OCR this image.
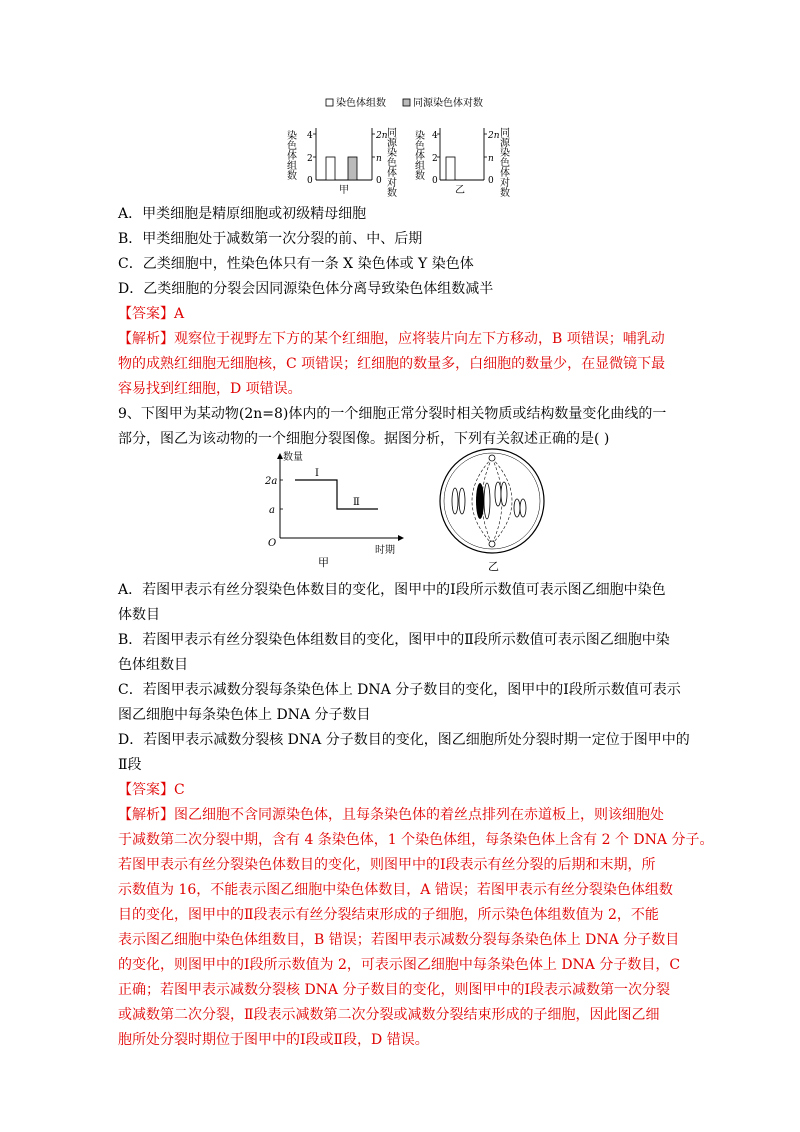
染色体组数	同源染色体对数
染色体组数 4
2
0
2n
n
0 同源染色体对数
甲
染色体组数 4
2
0
2n
n
0 同源染色体对数
乙
A．甲类细胞是精原细胞或初级精母细胞
B．甲类细胞处于减数第一次分裂的前、中、后期
C．乙类细胞中，性染色体只有一条 X 染色体或 Y 染色体
D．乙类细胞的分裂会因同源染色体分离导致染色体组数减半
【答案】A
【解析】观察位于视野左下方的某个红细胞，应将装片向左下方移动，B 项错误；哺乳动
物的成熟红细胞无细胞核，C 项错误；红细胞的数量多，白细胞的数量少，在显微镜下最
容易找到红细胞，D 项错误。
9、下图甲为某动物(2n=8)体内的一个细胞正常分裂时相关物质或结构数量变化曲线的一
部分，图乙为该动物的一个细胞分裂图像。据图分析，下列有关叙述正确的是( )
数量
时期
2a
a
O
Ⅰ
Ⅱ
甲	乙
A．若图甲表示有丝分裂染色体数目的变化，图甲中的Ⅰ段所示数值可表示图乙细胞中染色
体数目
B．若图甲表示有丝分裂染色体组数目的变化，图甲中的Ⅱ段所示数值可表示图乙细胞中染
色体组数目
C．若图甲表示减数分裂每条染色体上 DNA 分子数目的变化，图甲中的Ⅰ段所示数值可表示
图乙细胞中每条染色体上 DNA 分子数目
D．若图甲表示减数分裂核 DNA 分子数目的变化，图乙细胞所处分裂时期一定位于图甲中的
Ⅱ段
【答案】C
【解析】图乙细胞不含同源染色体，且每条染色体的着丝点排列在赤道板上，则该细胞处
于减数第二次分裂中期，含有 4 条染色体，1 个染色体组，每条染色体上含有 2 个 DNA 分子。
若图甲表示有丝分裂染色体数目的变化，则图甲中的Ⅰ段表示有丝分裂的后期和末期，所
示数值为 16，不能表示图乙细胞中染色体数目，A 错误；若图甲表示有丝分裂染色体组数
目的变化，图甲中的Ⅱ段表示有丝分裂结束形成的子细胞，所示染色体组数值为 2，不能
表示图乙细胞中染色体组数目，B 错误；若图甲表示减数分裂每条染色体上 DNA 分子数目
的变化，则图甲中的Ⅰ段所示数值为 2，可表示图乙细胞中每条染色体上 DNA 分子数目，C
正确；若图甲表示减数分裂核 DNA 分子数目的变化，则图甲中的Ⅰ段表示减数第一次分裂
或减数第二次分裂，Ⅱ段表示减数第二次分裂或减数分裂结束形成的子细胞，因此图乙细
胞所处分裂时期位于图甲中的Ⅰ段或Ⅱ段，D 错误。
